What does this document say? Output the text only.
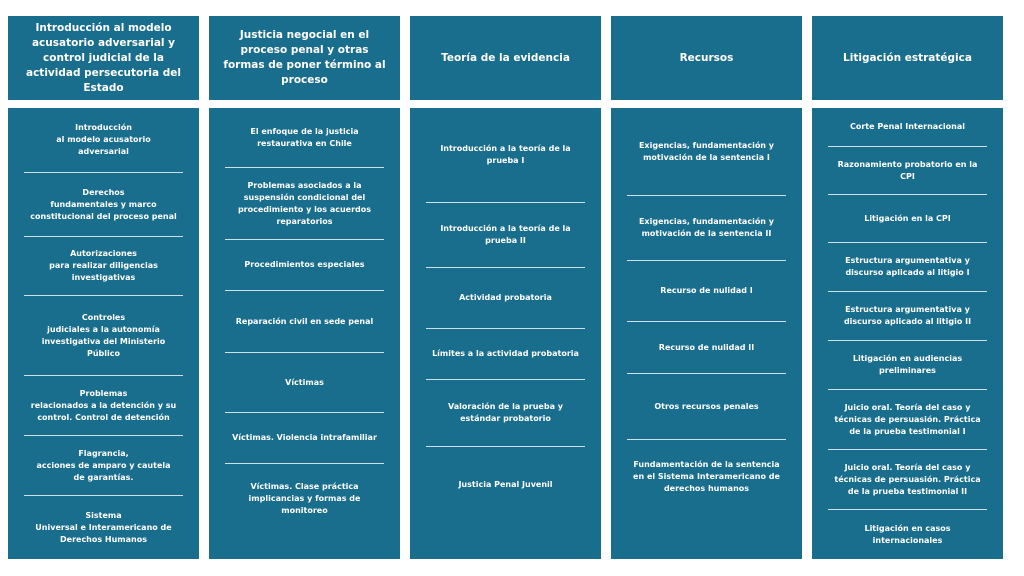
Introducción al modelo acusatorio adversarial y control judicial de la actividad persecutoria del Estado
Introducción
al modelo acusatorio
adversarial
Derechos
fundamentales y marco
constitucional del proceso penal
Autorizaciones
para realizar diligencias
investigativas
Controles
judiciales a la autonomía
investigativa del Ministerio
Público
Problemas
relacionados a la detención y su
control. Control de detención
Flagrancia,
acciones de amparo y cautela
de garantías.
Sistema
Universal e Interamericano de
Derechos Humanos
Justicia negocial en el proceso penal y otras formas de poner término al proceso
El enfoque de la justicia
restaurativa en Chile
Problemas asociados a la
suspensión condicional del
procedimiento y los acuerdos
reparatorios
Procedimientos especiales
Reparación civil en sede penal
Víctimas
Víctimas. Violencia intrafamiliar
Víctimas. Clase práctica
implicancias y formas de
monitoreo
Teoría de la evidencia
Introducción a la teoría de la
prueba I
Introducción a la teoría de la
prueba II
Actividad probatoria
Límites a la actividad probatoria
Valoración de la prueba y
estándar probatorio
Justicia Penal Juvenil
Recursos
Exigencias, fundamentación y
motivación de la sentencia I
Exigencias, fundamentación y
motivación de la sentencia II
Recurso de nulidad I
Recurso de nulidad II
Otros recursos penales
Fundamentación de la sentencia
en el Sistema Interamericano de
derechos humanos
Litigación estratégica
Corte Penal Internacional
Razonamiento probatorio en la
CPI
Litigación en la CPI
Estructura argumentativa y
discurso aplicado al litigio I
Estructura argumentativa y
discurso aplicado al litigio II
Litigación en audiencias
preliminares
Juicio oral. Teoría del caso y
técnicas de persuasión. Práctica
de la prueba testimonial I
Juicio oral. Teoría del caso y
técnicas de persuasión. Práctica
de la prueba testimonial II
Litigación en casos
internacionales
